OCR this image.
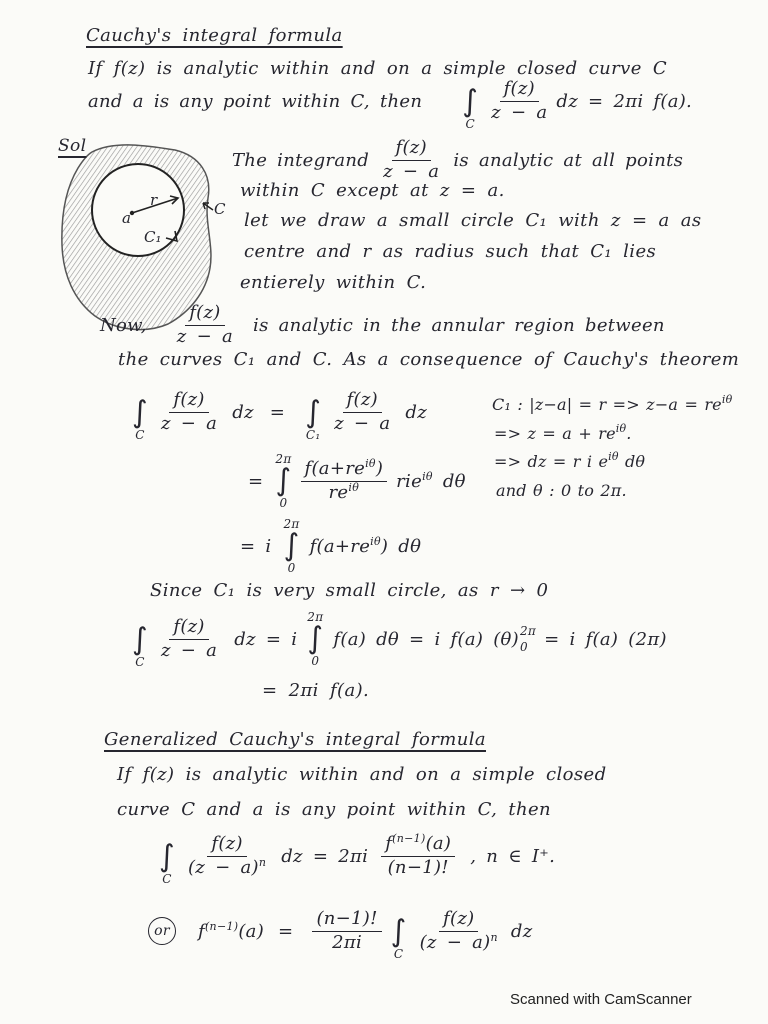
Cauchy's integral formula
If f(z) is analytic within and on a simple closed curve C
and a is any point within C, then ∫
C
$\frac{f(z)}{z - a}$ dz = 2πi f(a).
a
r	C
C₁
Sol
The integrand $\frac{f(z)}{z - a}$ is analytic at all points
within C except at z = a.
let we draw a small circle C₁ with z = a as
centre and r as radius such that C₁ lies
entierely within C.
Now, $\frac{f(z)}{z - a}$ is analytic in the annular region between
the curves C₁ and C. As a consequence of Cauchy's theorem
∫
C
$\frac{f(z)}{z - a}$ dz = ∫
C₁
$\frac{f(z)}{z - a}$ dz	C₁ : $|z-a| = r => z-a = re^{i\theta}$
=> $z = a + re^{i\theta}$.
=> dz = r i $e^{i\theta}$ dθ
and θ : 0 to 2π.
=
2π
∫
$0 \frac{f(a+re^{i\theta})}{re^{i\theta}} rie^{i\theta}$ dθ
= i
2π
∫
0
$f(a+re^{i\theta})$ dθ
Since C₁ is very small circle, as r → 0
∫
C
$\frac{f(z)}{z - a}$ dz = i
2π
∫
0
f(a) dθ = i f(a) (θ) 2π
0 = i f(a) (2π)
= 2πi f(a).
Generalized Cauchy's integral formula
If f(z) is analytic within and on a simple closed
curve C and a is any point within C, then
∫
C
$\frac{f(z)}{(z - a)^n}$ dz = $2\pi i \frac{f^{(n-1)}(a)}{(n-1)!}$ , n ∈ I⁺.
or	$f^{(n-1)}(a) = \frac{(n-1)!}{2\pi i}$ ∫
C
$\frac{f(z)}{(z - a)^n}$ dz
Scanned with CamScanner
